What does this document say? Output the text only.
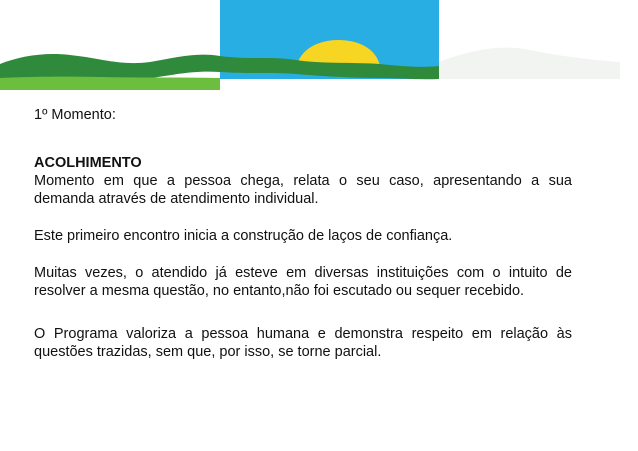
1º Momento:

ACOLHIMENTO

Momento em que a pessoa chega, relata o seu caso, apresentando a sua demanda através de atendimento individual.

Este primeiro encontro inicia a construção de laços de confiança.

Muitas vezes, o atendido já esteve em diversas instituições com o intuito de resolver a mesma questão, no entanto,não foi escutado ou sequer recebido.

O Programa valoriza a pessoa humana e demonstra respeito em relação às questões trazidas, sem que, por isso, se torne parcial.
